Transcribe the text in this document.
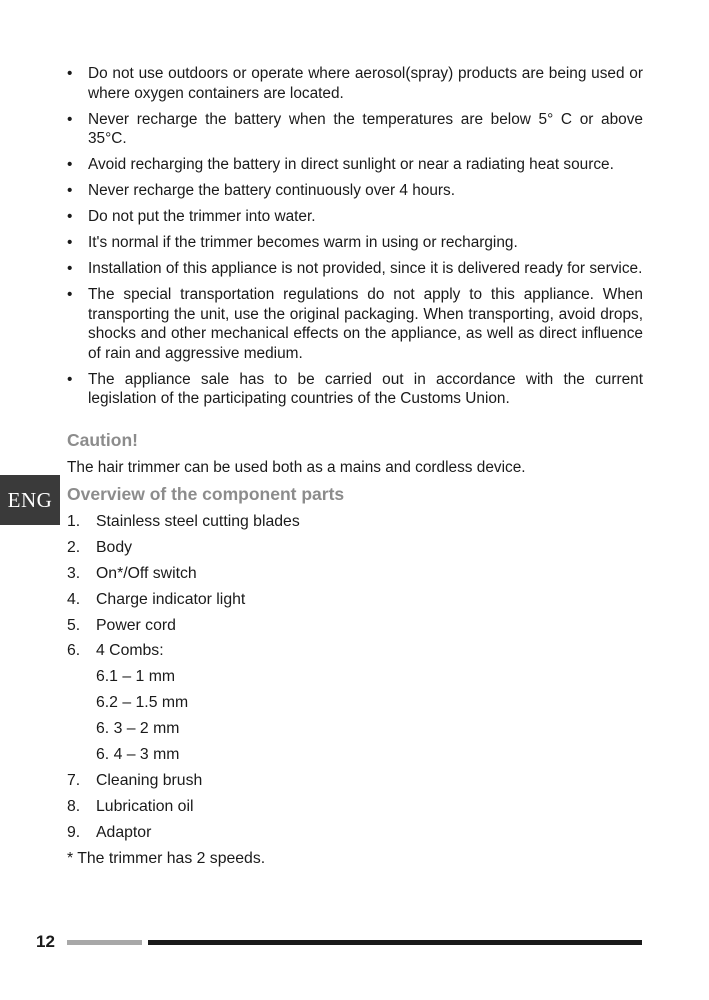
• Do not use outdoors or operate where aerosol(spray) products are being used or where oxygen containers are located.
• Never recharge the battery when the temperatures are below 5° C or above 35°C.
• Avoid recharging the battery in direct sunlight or near a radiating heat source.
• Never recharge the battery continuously over 4 hours.
• Do not put the trimmer into water.
• It's normal if the trimmer becomes warm in using or recharging.
• Installation of this appliance is not provided, since it is delivered ready for service.
• The special transportation regulations do not apply to this appliance. When transporting the unit, use the original packaging. When transporting, avoid drops, shocks and other mechanical effects on the appliance, as well as direct influence of rain and aggressive medium.
• The appliance sale has to be carried out in accordance with the current legislation of the participating countries of the Customs Union.
Caution!

The hair trimmer can be used both as a mains and cordless device.

ENG Overview of the component parts
1.	Stainless steel cutting blades
2.	Body
3.	On*/Off switch
4.	Charge indicator light
5.	Power cord
6.	4 Combs:
6.1 – 1 mm
6.2 – 1.5 mm
6. 3 – 2 mm
6. 4 – 3 mm
7.	Cleaning brush
8.	Lubrication oil
9.	Adaptor
* The trimmer has 2 speeds.
12
